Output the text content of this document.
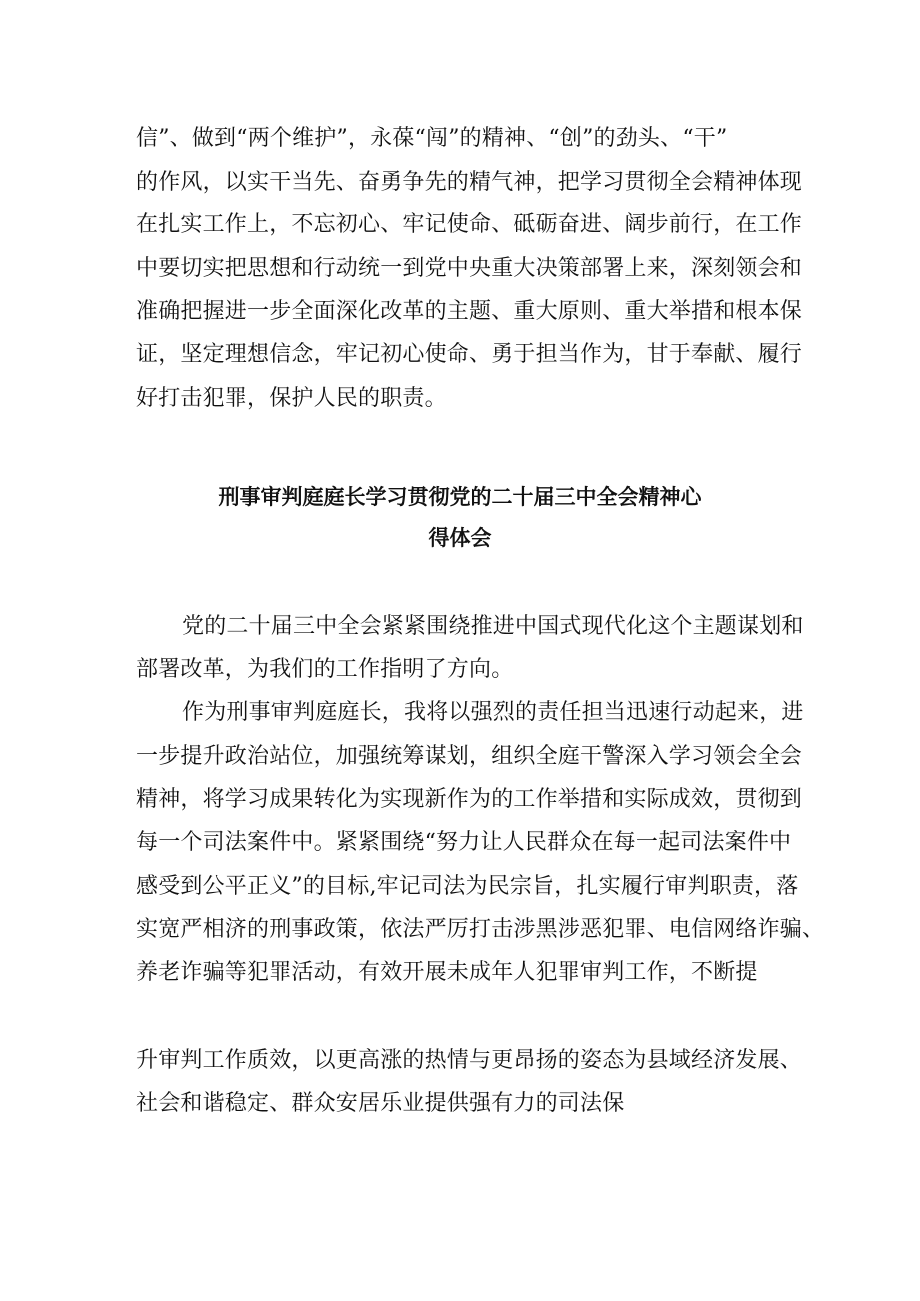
信”、做到“两个维护”，永葆“闯”的精神、“创”的劲头、“干”
的作风，以实干当先、奋勇争先的精气神，把学习贯彻全会精神体现
在扎实工作上，不忘初心、牢记使命、砥砺奋进、阔步前行，在工作
中要切实把思想和行动统一到党中央重大决策部署上来，深刻领会和
准确把握进一步全面深化改革的主题、重大原则、重大举措和根本保
证，坚定理想信念，牢记初心使命、勇于担当作为，甘于奉献、履行
好打击犯罪，保护人民的职责。
刑事审判庭庭长学习贯彻党的二十届三中全会精神心
得体会
党的二十届三中全会紧紧围绕推进中国式现代化这个主题谋划和
部署改革，为我们的工作指明了方向。
作为刑事审判庭庭长，我将以强烈的责任担当迅速行动起来，进
一步提升政治站位，加强统筹谋划，组织全庭干警深入学习领会全会
精神，将学习成果转化为实现新作为的工作举措和实际成效，贯彻到
每一个司法案件中。紧紧围绕“努力让人民群众在每一起司法案件中
感受到公平正义”的目标,牢记司法为民宗旨，扎实履行审判职责，落
实宽严相济的刑事政策，依法严厉打击涉黑涉恶犯罪、电信网络诈骗、
养老诈骗等犯罪活动，有效开展未成年人犯罪审判工作，不断提
升审判工作质效，以更高涨的热情与更昂扬的姿态为县域经济发展、
社会和谐稳定、群众安居乐业提供强有力的司法保
